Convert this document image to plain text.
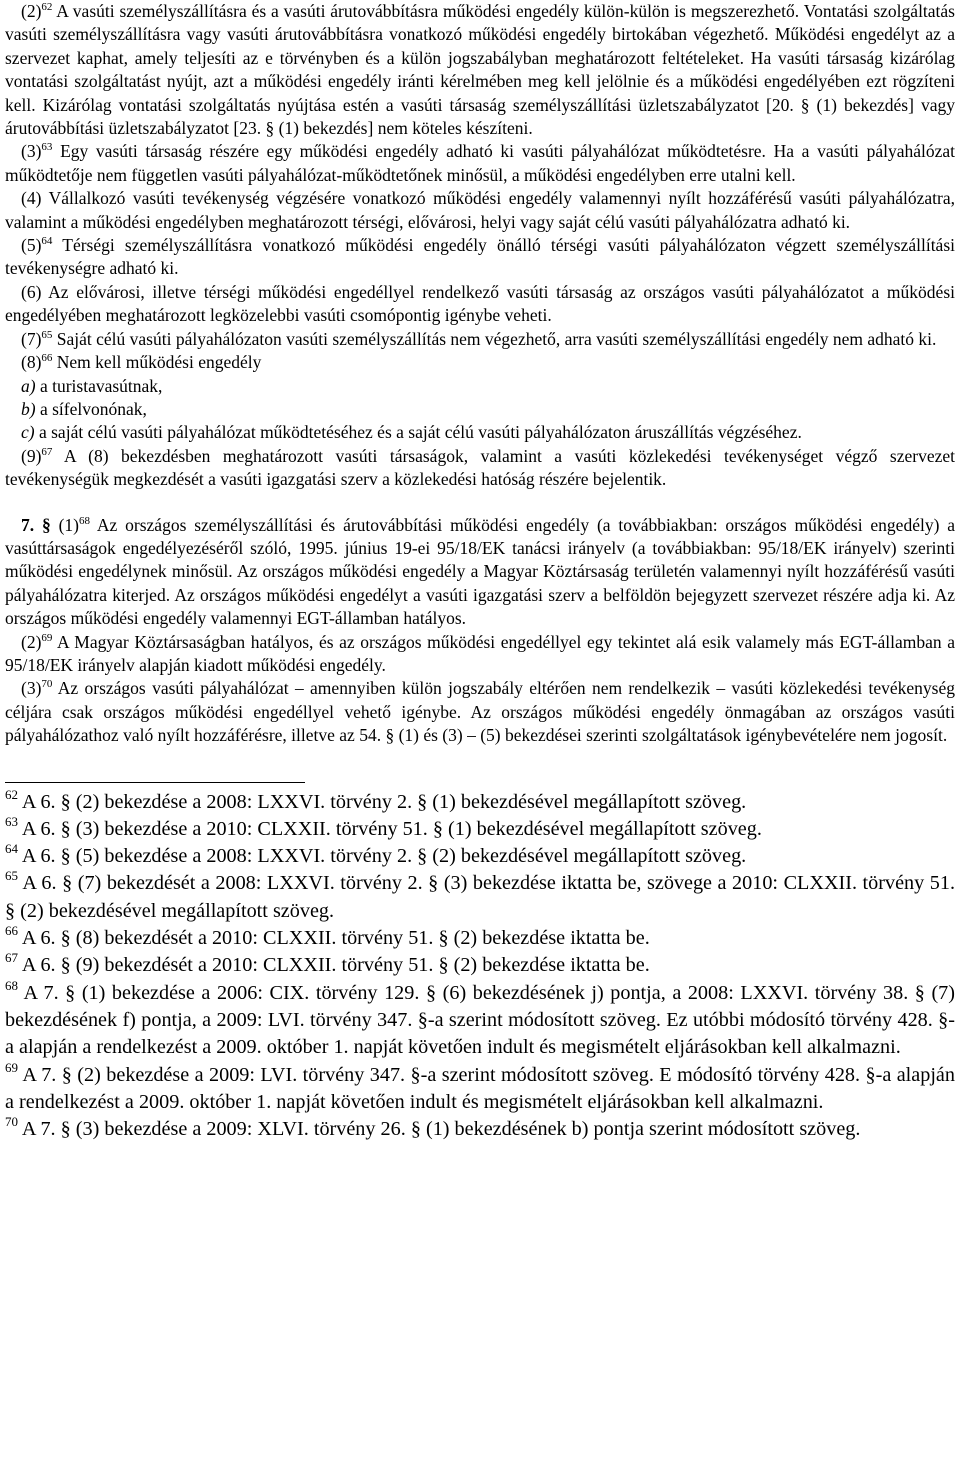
$(2)^{62}$ A vasúti személyszállításra és a vasúti árutovábbításra működési engedély külön-külön is megszerezhető. Vontatási szolgáltatás vasúti személyszállításra vagy vasúti árutovábbításra vonatkozó működési engedély birtokában végezhető. Működési engedélyt az a szervezet kaphat, amely teljesíti az e törvényben és a külön jogszabályban meghatározott feltételeket. Ha vasúti társaság kizárólag vontatási szolgáltatást nyújt, azt a működési engedély iránti kérelmében meg kell jelölnie és a működési engedélyében ezt rögzíteni kell. Kizárólag vontatási szolgáltatás nyújtása estén a vasúti társaság személyszállítási üzletszabályzatot [20. § (1) bekezdés] vagy árutovábbítási üzletszabályzatot [23. § (1) bekezdés] nem köteles készíteni.

$(3)^{63}$ Egy vasúti társaság részére egy működési engedély adható ki vasúti pályahálózat működtetésre. Ha a vasúti pályahálózat működtetője nem független vasúti pályahálózat-működtetőnek minősül, a működési engedélyben erre utalni kell.

(4) Vállalkozó vasúti tevékenység végzésére vonatkozó működési engedély valamennyi nyílt hozzáférésű vasúti pályahálózatra, valamint a működési engedélyben meghatározott térségi, elővárosi, helyi vagy saját célú vasúti pályahálózatra adható ki.

$(5)^{64}$ Térségi személyszállításra vonatkozó működési engedély önálló térségi vasúti pályahálózaton végzett személyszállítási tevékenységre adható ki.

(6) Az elővárosi, illetve térségi működési engedéllyel rendelkező vasúti társaság az országos vasúti pályahálózatot a működési engedélyében meghatározott legközelebbi vasúti csomópontig igénybe veheti.

$(7)^{65}$ Saját célú vasúti pályahálózaton vasúti személyszállítás nem végezhető, arra vasúti személyszállítási engedély nem adható ki.

$(8)^{66}$ Nem kell működési engedély

a) a turistavasútnak,

b) a sífelvonónak,

c) a saját célú vasúti pályahálózat működtetéséhez és a saját célú vasúti pályahálózaton áruszállítás végzéséhez.

$(9)^{67}$ A (8) bekezdésben meghatározott vasúti társaságok, valamint a vasúti közlekedési tevékenységet végző szervezet tevékenységük megkezdését a vasúti igazgatási szerv a közlekedési hatóság részére bejelentik.

7. § $(1)^{68}$ Az országos személyszállítási és árutovábbítási működési engedély (a továbbiakban: országos működési engedély) a vasúttársaságok engedélyezéséről szóló, 1995. június 19-ei 95/18/EK tanácsi irányelv (a továbbiakban: 95/18/EK irányelv) szerinti működési engedélynek minősül. Az országos működési engedély a Magyar Köztársaság területén valamennyi nyílt hozzáférésű vasúti pályahálózatra kiterjed. Az országos működési engedélyt a vasúti igazgatási szerv a belföldön bejegyzett szervezet részére adja ki. Az országos működési engedély valamennyi EGT-államban hatályos.

$(2)^{69}$ A Magyar Köztársaságban hatályos, és az országos működési engedéllyel egy tekintet alá esik valamely más EGT-államban a 95/18/EK irányelv alapján kiadott működési engedély.

$(3)^{70}$ Az országos vasúti pályahálózat – amennyiben külön jogszabály eltérően nem rendelkezik – vasúti közlekedési tevékenység céljára csak országos működési engedéllyel vehető igénybe. Az országos működési engedély önmagában az országos vasúti pályahálózathoz való nyílt hozzáférésre, illetve az 54. § (1) és (3) – (5) bekezdései szerinti szolgáltatások igénybevételére nem jogosít.

$^{62}$ A 6. § (2) bekezdése a 2008: LXXVI. törvény 2. § (1) bekezdésével megállapított szöveg.

$^{63}$ A 6. § (3) bekezdése a 2010: CLXXII. törvény 51. § (1) bekezdésével megállapított szöveg.

$^{64}$ A 6. § (5) bekezdése a 2008: LXXVI. törvény 2. § (2) bekezdésével megállapított szöveg.

$^{65}$ A 6. § (7) bekezdését a 2008: LXXVI. törvény 2. § (3) bekezdése iktatta be, szövege a 2010: CLXXII. törvény 51. § (2) bekezdésével megállapított szöveg.

$^{66}$ A 6. § (8) bekezdését a 2010: CLXXII. törvény 51. § (2) bekezdése iktatta be.

$^{67}$ A 6. § (9) bekezdését a 2010: CLXXII. törvény 51. § (2) bekezdése iktatta be.

$^{68}$ A 7. § (1) bekezdése a 2006: CIX. törvény 129. § (6) bekezdésének j) pontja, a 2008: LXXVI. törvény 38. § (7) bekezdésének f) pontja, a 2009: LVI. törvény 347. §-a szerint módosított szöveg. Ez utóbbi módosító törvény 428. §-a alapján a rendelkezést a 2009. október 1. napját követően indult és megismételt eljárásokban kell alkalmazni.

$^{69}$ A 7. § (2) bekezdése a 2009: LVI. törvény 347. §-a szerint módosított szöveg. E módosító törvény 428. §-a alapján a rendelkezést a 2009. október 1. napját követően indult és megismételt eljárásokban kell alkalmazni.

$^{70}$ A 7. § (3) bekezdése a 2009: XLVI. törvény 26. § (1) bekezdésének b) pontja szerint módosított szöveg.
